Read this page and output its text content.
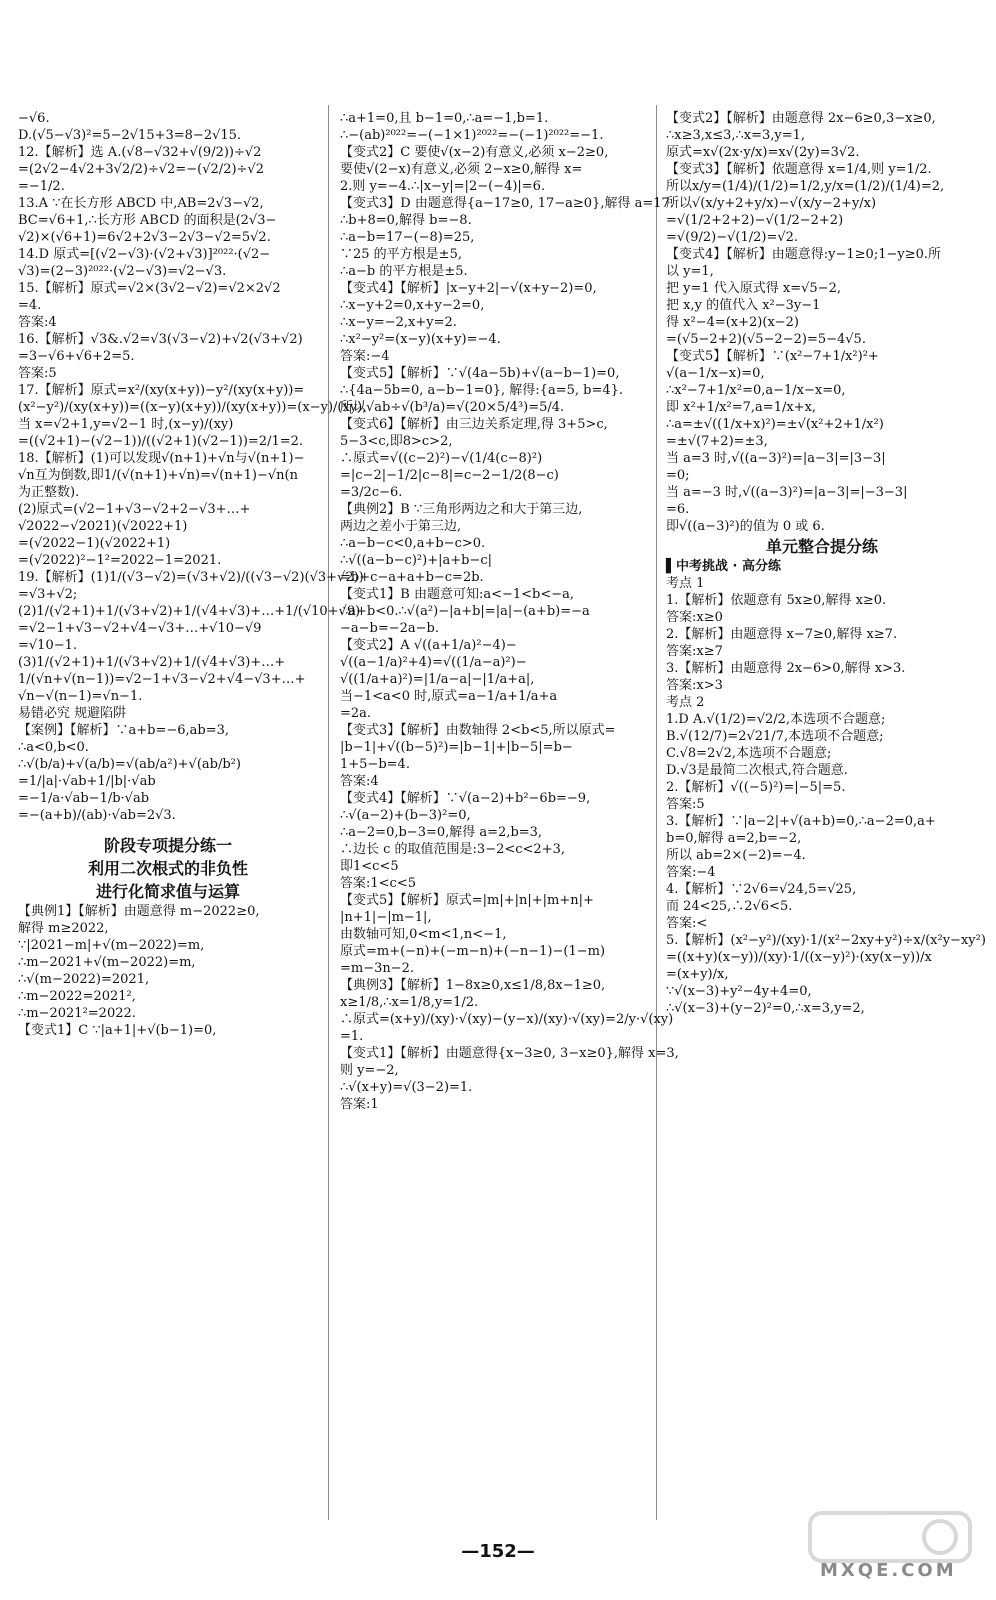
−√6.
D.(√5−√3)²=5−2√15+3=8−2√15.
12.【解析】选 A.(√8−√32+√(9/2))÷√2
=(2√2−4√2+3√2/2)÷√2=−(√2/2)÷√2
=−1/2.
13.A ∵在长方形 ABCD 中,AB=2√3−√2,
BC=√6+1,∴长方形 ABCD 的面积是(2√3−
√2)×(√6+1)=6√2+2√3−2√3−√2=5√2.
14.D 原式=[(√2−√3)·(√2+√3)]²⁰²²·(√2−
√3)=(2−3)²⁰²²·(√2−√3)=√2−√3.
15.【解析】原式=√2×(3√2−√2)=√2×2√2
=4.
答案:4
16.【解析】√3&.√2=√3(√3−√2)+√2(√3+√2)
=3−√6+√6+2=5.
答案:5
17.【解析】原式=x²/(xy(x+y))−y²/(xy(x+y))=
(x²−y²)/(xy(x+y))=((x−y)(x+y))/(xy(x+y))=(x−y)/(xy),
当 x=√2+1,y=√2−1 时,(x−y)/(xy)
=((√2+1)−(√2−1))/((√2+1)(√2−1))=2/1=2.
18.【解析】(1)可以发现√(n+1)+√n与√(n+1)−
√n互为倒数,即1/(√(n+1)+√n)=√(n+1)−√n(n
为正整数).
(2)原式=(√2−1+√3−√2+2−√3+…+
√2022−√2021)(√2022+1)
=(√2022−1)(√2022+1)
=(√2022)²−1²=2022−1=2021.
19.【解析】(1)1/(√3−√2)=(√3+√2)/((√3−√2)(√3+√2))
=√3+√2;
(2)1/(√2+1)+1/(√3+√2)+1/(√4+√3)+…+1/(√10+√9)
=√2−1+√3−√2+√4−√3+…+√10−√9
=√10−1.
(3)1/(√2+1)+1/(√3+√2)+1/(√4+√3)+…+
1/(√n+√(n−1))=√2−1+√3−√2+√4−√3+…+
√n−√(n−1)=√n−1.
易错必究 规避陷阱
【案例】【解析】∵a+b=−6,ab=3,
∴a<0,b<0.
∴√(b/a)+√(a/b)=√(ab/a²)+√(ab/b²)
=1/|a|·√ab+1/|b|·√ab
=−1/a·√ab−1/b·√ab
=−(a+b)/(ab)·√ab=2√3.
阶段专项提分练一
利用二次根式的非负性
进行化简求值与运算
【典例1】【解析】由题意得 m−2022≥0,
解得 m≥2022,
∵|2021−m|+√(m−2022)=m,
∴m−2021+√(m−2022)=m,
∴√(m−2022)=2021,
∴m−2022=2021²,
∴m−2021²=2022.
【变式1】C ∵|a+1|+√(b−1)=0,
∴a+1=0,且 b−1=0,∴a=−1,b=1.
∴−(ab)²⁰²²=−(−1×1)²⁰²²=−(−1)²⁰²²=−1.
【变式2】C 要使√(x−2)有意义,必须 x−2≥0,
要使√(2−x)有意义,必须 2−x≥0,解得 x=
2.则 y=−4.∴|x−y|=|2−(−4)|=6.
【变式3】D 由题意得{a−17≥0, 17−a≥0},解得 a=17.
∴b+8=0,解得 b=−8.
∴a−b=17−(−8)=25,
∵25 的平方根是±5,
∴a−b 的平方根是±5.
【变式4】【解析】|x−y+2|−√(x+y−2)=0,
∴x−y+2=0,x+y−2=0,
∴x−y=−2,x+y=2.
∴x²−y²=(x−y)(x+y)=−4.
答案:−4
【变式5】【解析】∵√(4a−5b)+√(a−b−1)=0,
∴{4a−5b=0, a−b−1=0}, 解得:{a=5, b=4}.
所以√ab÷√(b³/a)=√(20×5/4³)=5/4.
【变式6】【解析】由三边关系定理,得 3+5>c,
5−3<c,即8>c>2,
∴原式=√((c−2)²)−√(1/4(c−8)²)
=|c−2|−1/2|c−8|=c−2−1/2(8−c)
=3/2c−6.
【典例2】B ∵三角形两边之和大于第三边,
两边之差小于第三边,
∴a−b−c<0,a+b−c>0.
∴√((a−b−c)²)+|a+b−c|
=b+c−a+a+b−c=2b.
【变式1】B 由题意可知:a<−1<b<−a,
∴a+b<0.∴√(a²)−|a+b|=|a|−(a+b)=−a
−a−b=−2a−b.
【变式2】A √((a+1/a)²−4)−
√((a−1/a)²+4)=√((1/a−a)²)−
√((1/a+a)²)=|1/a−a|−|1/a+a|,
当−1<a<0 时,原式=a−1/a+1/a+a
=2a.
【变式3】【解析】由数轴得 2<b<5,所以原式=
|b−1|+√((b−5)²)=|b−1|+|b−5|=b−
1+5−b=4.
答案:4
【变式4】【解析】∵√(a−2)+b²−6b=−9,
∴√(a−2)+(b−3)²=0,
∴a−2=0,b−3=0,解得 a=2,b=3,
∴边长 c 的取值范围是:3−2<c<2+3,
即1<c<5
答案:1<c<5
【变式5】【解析】原式=|m|+|n|+|m+n|+
|n+1|−|m−1|,
由数轴可知,0<m<1,n<−1,
原式=m+(−n)+(−m−n)+(−n−1)−(1−m)
=m−3n−2.
【典例3】【解析】1−8x≥0,x≤1/8,8x−1≥0,
x≥1/8,∴x=1/8,y=1/2.
∴原式=(x+y)/(xy)·√(xy)−(y−x)/(xy)·√(xy)=2/y·√(xy)
=1.
【变式1】【解析】由题意得{x−3≥0, 3−x≥0},解得 x=3,
则 y=−2,
∴√(x+y)=√(3−2)=1.
答案:1
【变式2】【解析】由题意得 2x−6≥0,3−x≥0,
∴x≥3,x≤3,∴x=3,y=1,
原式=x√(2x·y/x)=x√(2y)=3√2.
【变式3】【解析】依题意得 x=1/4,则 y=1/2.
所以x/y=(1/4)/(1/2)=1/2,y/x=(1/2)/(1/4)=2,
所以√(x/y+2+y/x)−√(x/y−2+y/x)
=√(1/2+2+2)−√(1/2−2+2)
=√(9/2)−√(1/2)=√2.
【变式4】【解析】由题意得:y−1≥0;1−y≥0.所
以 y=1,
把 y=1 代入原式得 x=√5−2,
把 x,y 的值代入 x²−3y−1
得 x²−4=(x+2)(x−2)
=(√5−2+2)(√5−2−2)=5−4√5.
【变式5】【解析】∵(x²−7+1/x²)²+
√(a−1/x−x)=0,
∴x²−7+1/x²=0,a−1/x−x=0,
即 x²+1/x²=7,a=1/x+x,
∴a=±√((1/x+x)²)=±√(x²+2+1/x²)
=±√(7+2)=±3,
当 a=3 时,√((a−3)²)=|a−3|=|3−3|
=0;
当 a=−3 时,√((a−3)²)=|a−3|=|−3−3|
=6.
即√((a−3)²)的值为 0 或 6.
单元整合提分练
▌中考挑战 · 高分练
考点 1
1.【解析】依题意有 5x≥0,解得 x≥0.
答案:x≥0
2.【解析】由题意得 x−7≥0,解得 x≥7.
答案:x≥7
3.【解析】由题意得 2x−6>0,解得 x>3.
答案:x>3
考点 2
1.D A.√(1/2)=√2/2,本选项不合题意;
B.√(12/7)=2√21/7,本选项不合题意;
C.√8=2√2,本选项不合题意;
D.√3是最简二次根式,符合题意.
2.【解析】√((−5)²)=|−5|=5.
答案:5
3.【解析】∵|a−2|+√(a+b)=0,∴a−2=0,a+
b=0,解得 a=2,b=−2,
所以 ab=2×(−2)=−4.
答案:−4
4.【解析】∵2√6=√24,5=√25,
而 24<25,∴2√6<5.
答案:<
5.【解析】(x²−y²)/(xy)·1/(x²−2xy+y²)÷x/(x²y−xy²)
=((x+y)(x−y))/(xy)·1/((x−y)²)·(xy(x−y))/x
=(x+y)/x,
∵√(x−3)+y²−4y+4=0,
∴√(x−3)+(y−2)²=0,∴x=3,y=2,
—152—
MXQE.COM
